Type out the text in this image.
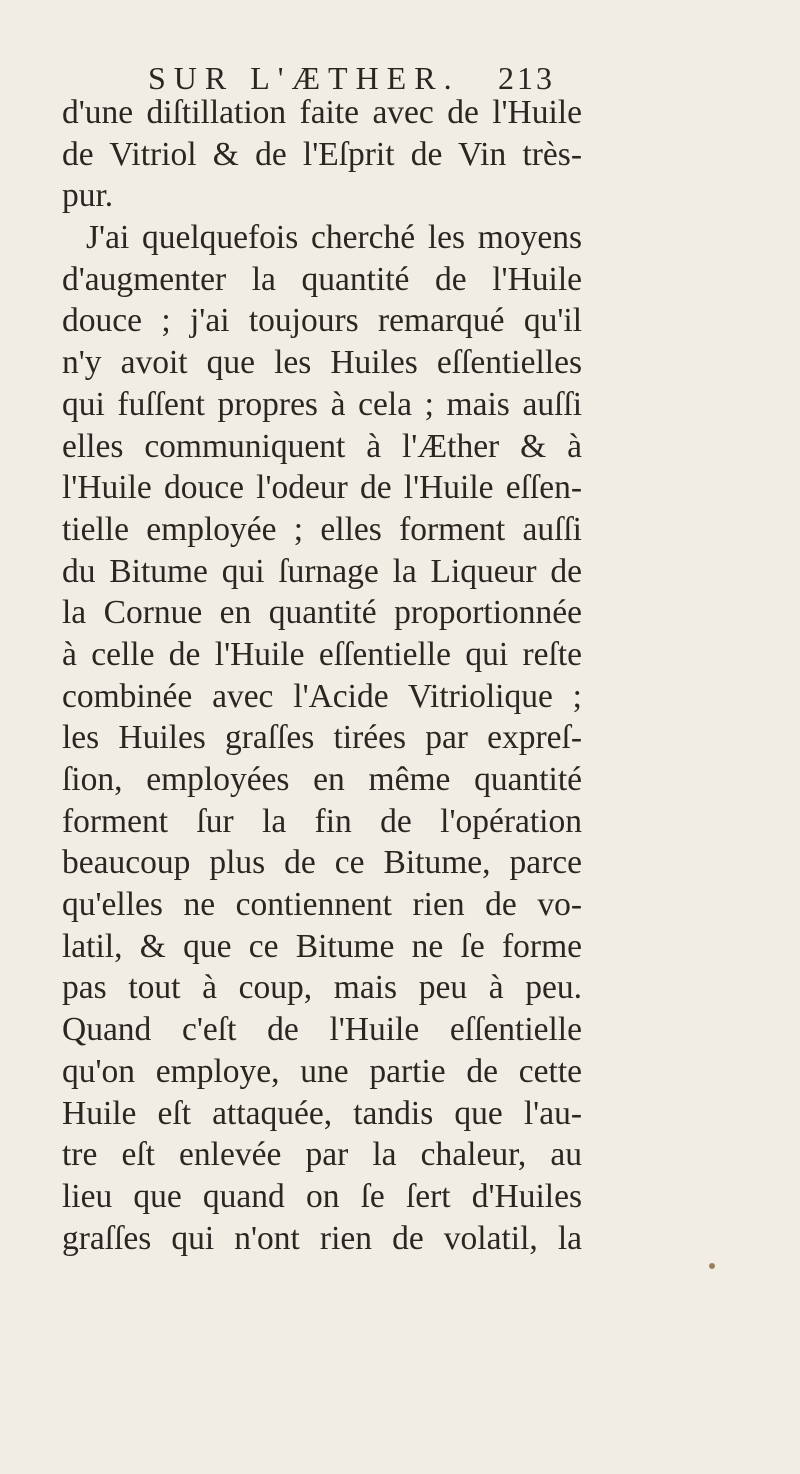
SUR L'ÆTHER. 213
d'une diſtillation faite avec de l'Huile
de Vitriol & de l'Eſprit de Vin très-
pur.
J'ai quelquefois cherché les moyens
d'augmenter la quantité de l'Huile
douce ; j'ai toujours remarqué qu'il
n'y avoit que les Huiles eſſentielles
qui fuſſent propres à cela ; mais auſſi
elles communiquent à l'Æther & à
l'Huile douce l'odeur de l'Huile eſſen-
tielle employée ; elles forment auſſi
du Bitume qui ſurnage la Liqueur de
la Cornue en quantité proportionnée
à celle de l'Huile eſſentielle qui reſte
combinée avec l'Acide Vitriolique ;
les Huiles graſſes tirées par expreſ-
ſion, employées en même quantité
forment ſur la fin de l'opération
beaucoup plus de ce Bitume, parce
qu'elles ne contiennent rien de vo-
latil, & que ce Bitume ne ſe forme
pas tout à coup, mais peu à peu.
Quand c'eſt de l'Huile eſſentielle
qu'on employe, une partie de cette
Huile eſt attaquée, tandis que l'au-
tre eſt enlevée par la chaleur, au
lieu que quand on ſe ſert d'Huiles
graſſes qui n'ont rien de volatil, la
